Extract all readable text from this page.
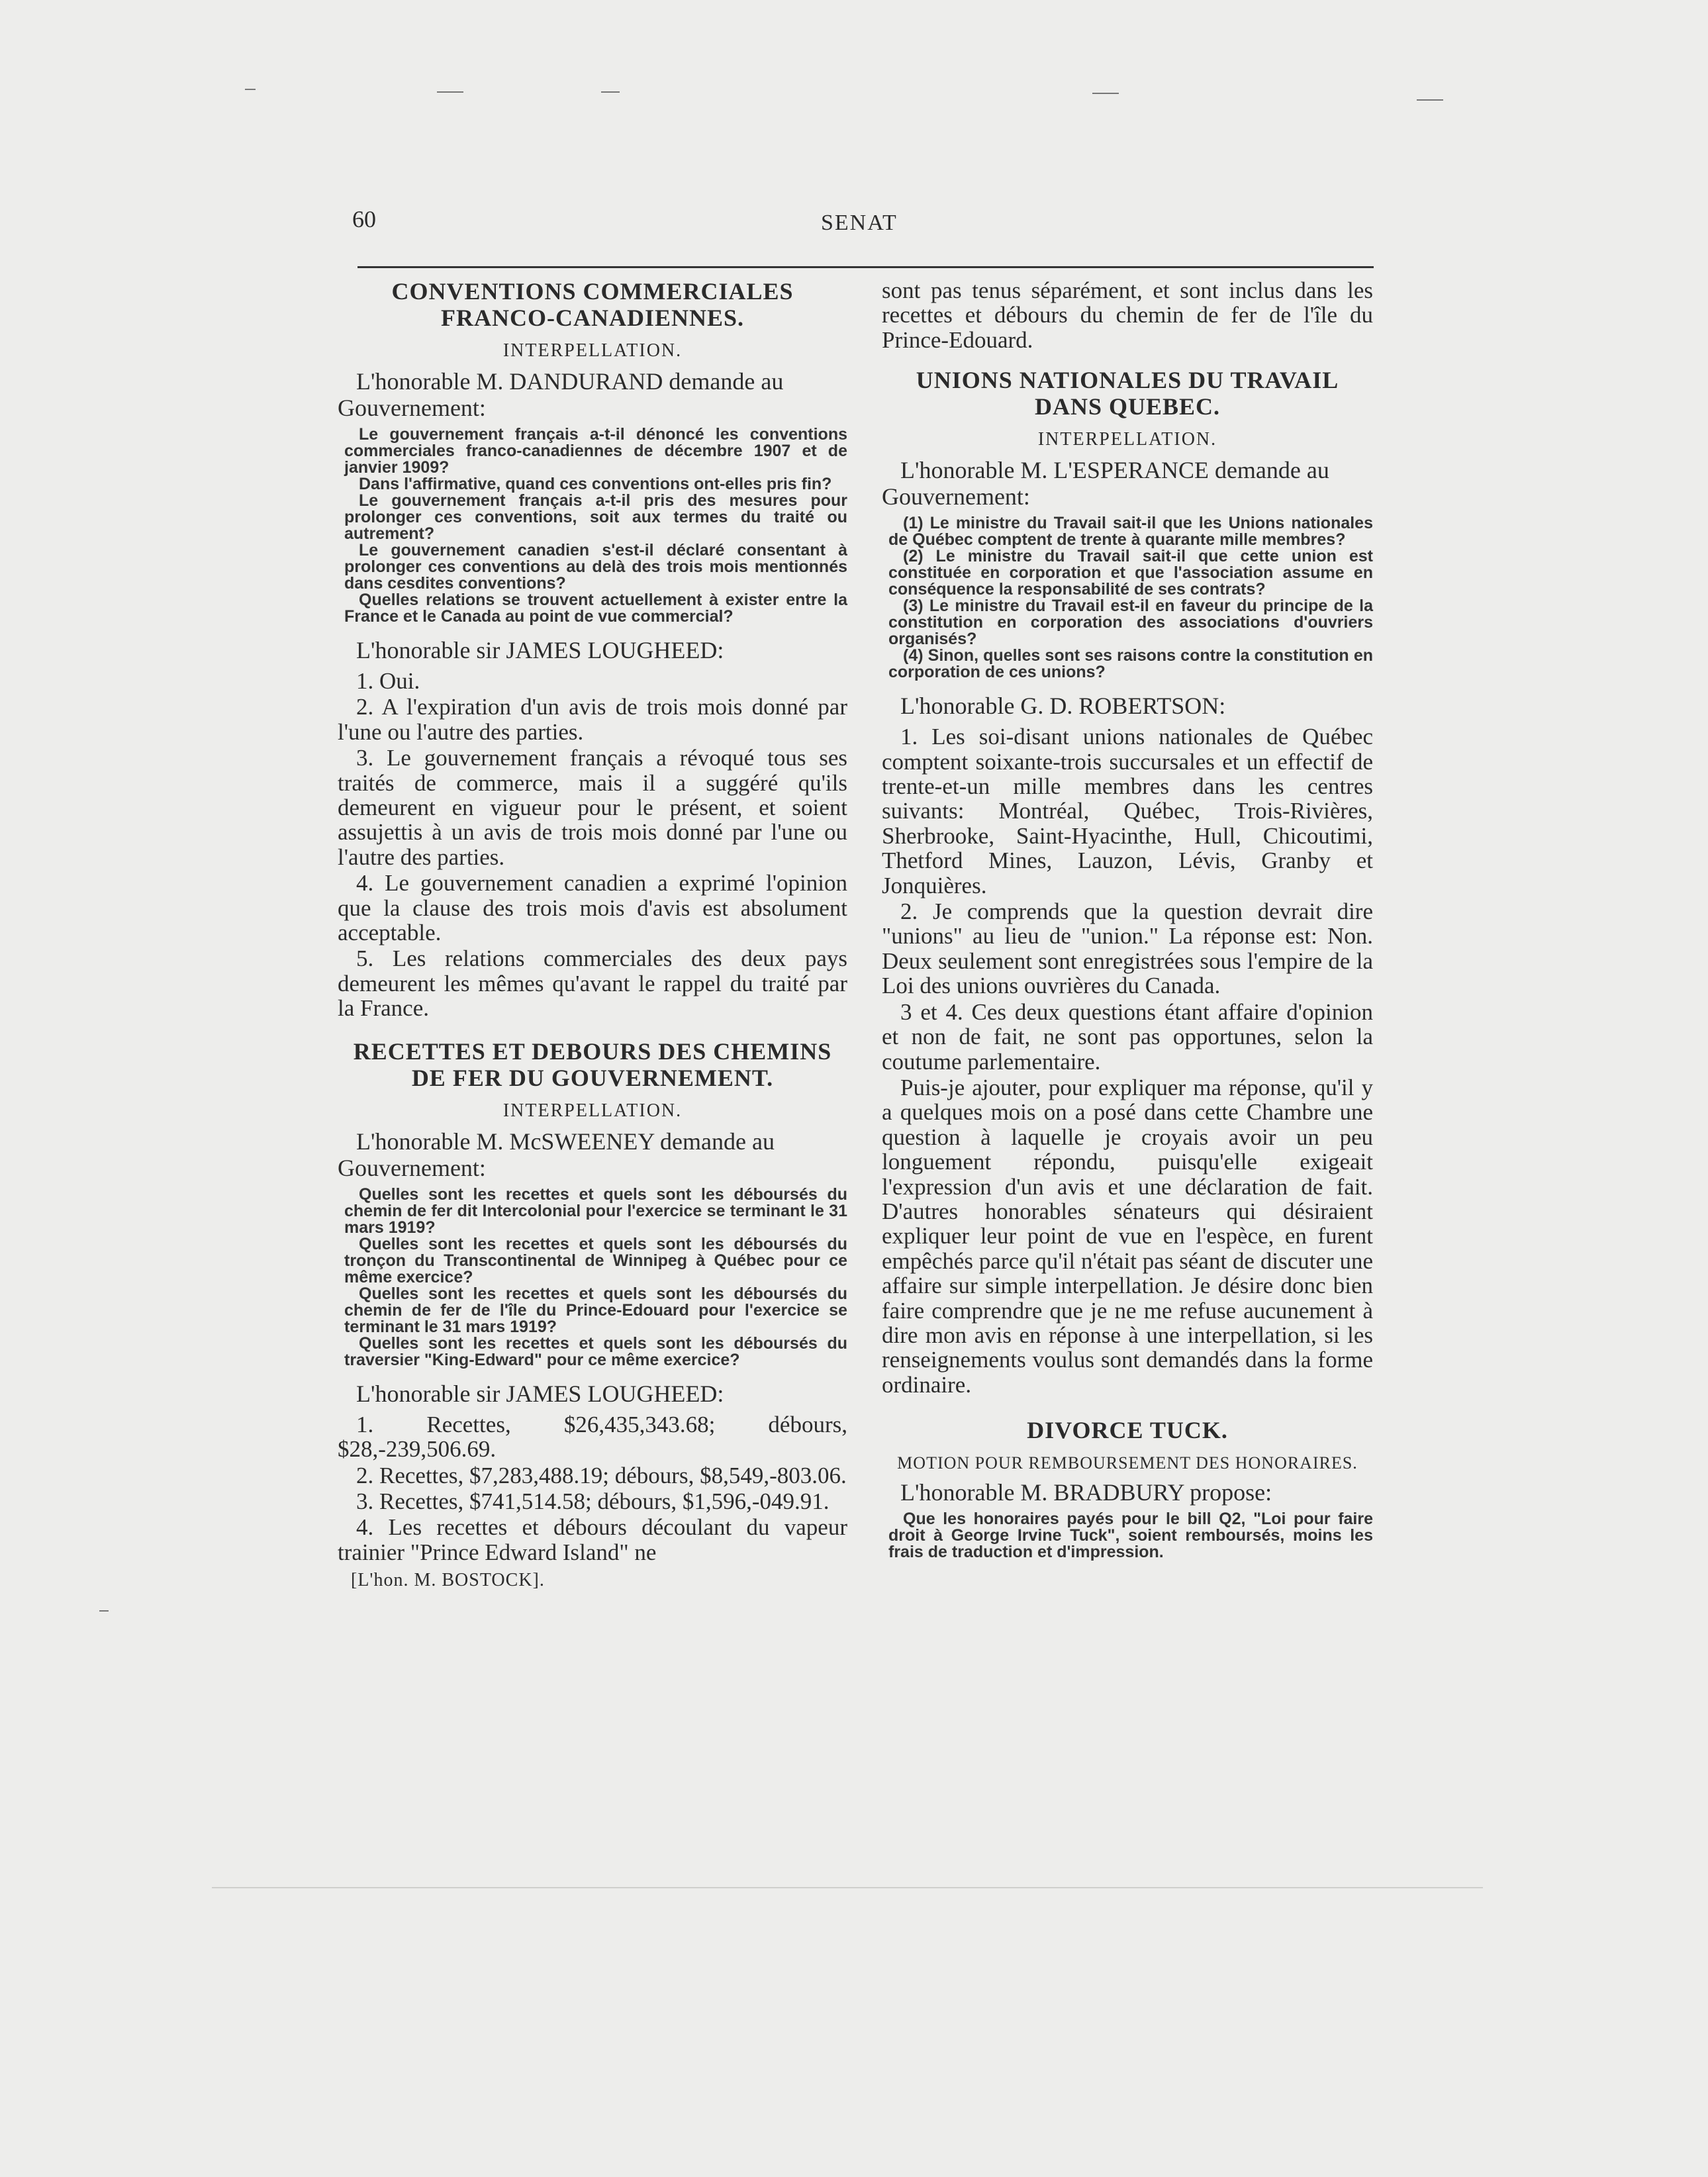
60	SENAT
CONVENTIONS COMMERCIALES FRANCO-CANADIENNES.
INTERPELLATION.

L'honorable M. DANDURAND demande au Gouvernement:

Le gouvernement français a-t-il dénoncé les conventions commerciales franco-canadiennes de décembre 1907 et de janvier 1909?

Dans l'affirmative, quand ces conventions ont-elles pris fin?

Le gouvernement français a-t-il pris des mesures pour prolonger ces conventions, soit aux termes du traité ou autrement?

Le gouvernement canadien s'est-il déclaré consentant à prolonger ces conventions au delà des trois mois mentionnés dans cesdites conventions?

Quelles relations se trouvent actuellement à exister entre la France et le Canada au point de vue commercial?

L'honorable sir JAMES LOUGHEED:

1. Oui.

2. A l'expiration d'un avis de trois mois donné par l'une ou l'autre des parties.

3. Le gouvernement français a révoqué tous ses traités de commerce, mais il a suggéré qu'ils demeurent en vigueur pour le présent, et soient assujettis à un avis de trois mois donné par l'une ou l'autre des parties.

4. Le gouvernement canadien a exprimé l'opinion que la clause des trois mois d'avis est absolument acceptable.

5. Les relations commerciales des deux pays demeurent les mêmes qu'avant le rappel du traité par la France.

RECETTES ET DEBOURS DES CHEMINS DE FER DU GOUVERNEMENT.
INTERPELLATION.

L'honorable M. McSWEENEY demande au Gouvernement:

Quelles sont les recettes et quels sont les déboursés du chemin de fer dit Intercolonial pour l'exercice se terminant le 31 mars 1919?

Quelles sont les recettes et quels sont les déboursés du tronçon du Transcontinental de Winnipeg à Québec pour ce même exercice?

Quelles sont les recettes et quels sont les déboursés du chemin de fer de l'île du Prince-Edouard pour l'exercice se terminant le 31 mars 1919?

Quelles sont les recettes et quels sont les déboursés du traversier "King-Edward" pour ce même exercice?

L'honorable sir JAMES LOUGHEED:

1. Recettes, $26,435,343.68; débours, $28,-239,506.69.

2. Recettes, $7,283,488.19; débours, $8,549,-803.06.

3. Recettes, $741,514.58; débours, $1,596,-049.91.

4. Les recettes et débours découlant du vapeur trainier "Prince Edward Island" ne

[L'hon. M. BOSTOCK].

sont pas tenus séparément, et sont inclus dans les recettes et débours du chemin de fer de l'île du Prince-Edouard.

UNIONS NATIONALES DU TRAVAIL DANS QUEBEC.
INTERPELLATION.

L'honorable M. L'ESPERANCE demande au Gouvernement:

(1) Le ministre du Travail sait-il que les Unions nationales de Québec comptent de trente à quarante mille membres?

(2) Le ministre du Travail sait-il que cette union est constituée en corporation et que l'association assume en conséquence la responsabilité de ses contrats?

(3) Le ministre du Travail est-il en faveur du principe de la constitution en corporation des associations d'ouvriers organisés?

(4) Sinon, quelles sont ses raisons contre la constitution en corporation de ces unions?

L'honorable G. D. ROBERTSON:

1. Les soi-disant unions nationales de Québec comptent soixante-trois succursales et un effectif de trente-et-un mille membres dans les centres suivants: Montréal, Québec, Trois-Rivières, Sherbrooke, Saint-Hyacinthe, Hull, Chicoutimi, Thetford Mines, Lauzon, Lévis, Granby et Jonquières.

2. Je comprends que la question devrait dire "unions" au lieu de "union." La réponse est: Non. Deux seulement sont enregistrées sous l'empire de la Loi des unions ouvrières du Canada.

3 et 4. Ces deux questions étant affaire d'opinion et non de fait, ne sont pas opportunes, selon la coutume parlementaire.

Puis-je ajouter, pour expliquer ma réponse, qu'il y a quelques mois on a posé dans cette Chambre une question à laquelle je croyais avoir un peu longuement répondu, puisqu'elle exigeait l'expression d'un avis et une déclaration de fait. D'autres honorables sénateurs qui désiraient expliquer leur point de vue en l'espèce, en furent empêchés parce qu'il n'était pas séant de discuter une affaire sur simple interpellation. Je désire donc bien faire comprendre que je ne me refuse aucunement à dire mon avis en réponse à une interpellation, si les renseignements voulus sont demandés dans la forme ordinaire.

DIVORCE TUCK.
MOTION POUR REMBOURSEMENT DES HONORAIRES.

L'honorable M. BRADBURY propose:

Que les honoraires payés pour le bill Q2, "Loi pour faire droit à George Irvine Tuck", soient remboursés, moins les frais de traduction et d'impression.
